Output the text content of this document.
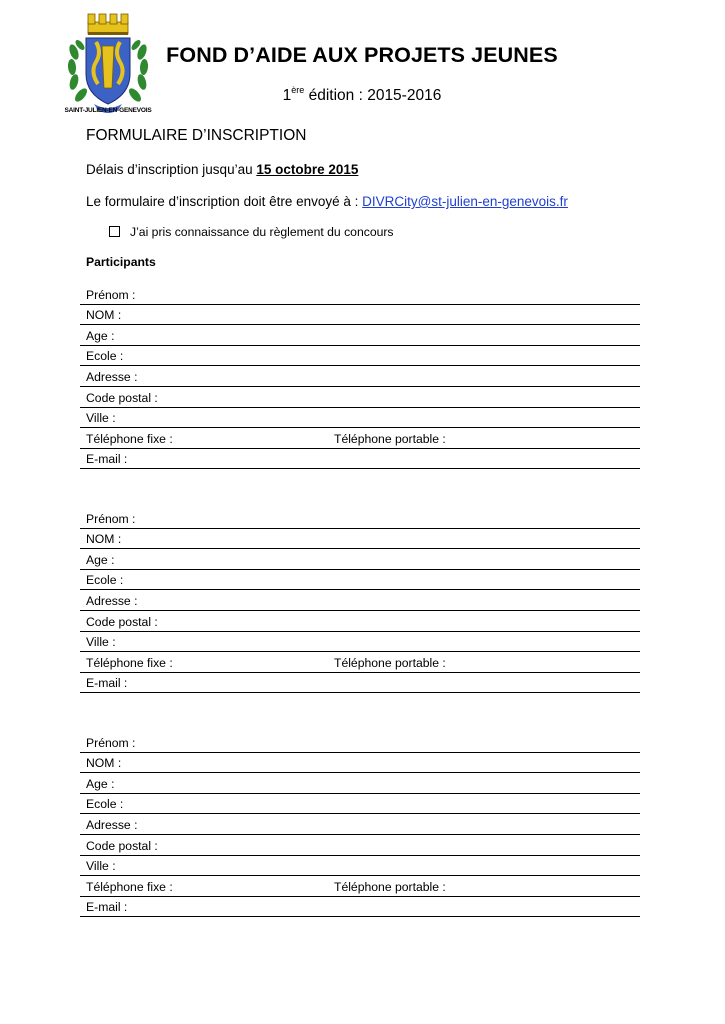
SAINT-JULIEN-EN-GENEVOIS
FOND D’AIDE AUX PROJETS JEUNES
1ère édition : 2015-2016
FORMULAIRE D’INSCRIPTION
Délais d’inscription jusqu’au 15 octobre 2015
Le formulaire d’inscription doit être envoyé à : DIVRCity@st-julien-en-genevois.fr
J’ai pris connaissance du règlement du concours
Participants
Prénom :
NOM :
Age :
Ecole :
Adresse :
Code postal :
Ville :
Téléphone fixe :	Téléphone portable :
E-mail :
Prénom :
NOM :
Age :
Ecole :
Adresse :
Code postal :
Ville :
Téléphone fixe :	Téléphone portable :
E-mail :
Prénom :
NOM :
Age :
Ecole :
Adresse :
Code postal :
Ville :
Téléphone fixe :	Téléphone portable :
E-mail :
